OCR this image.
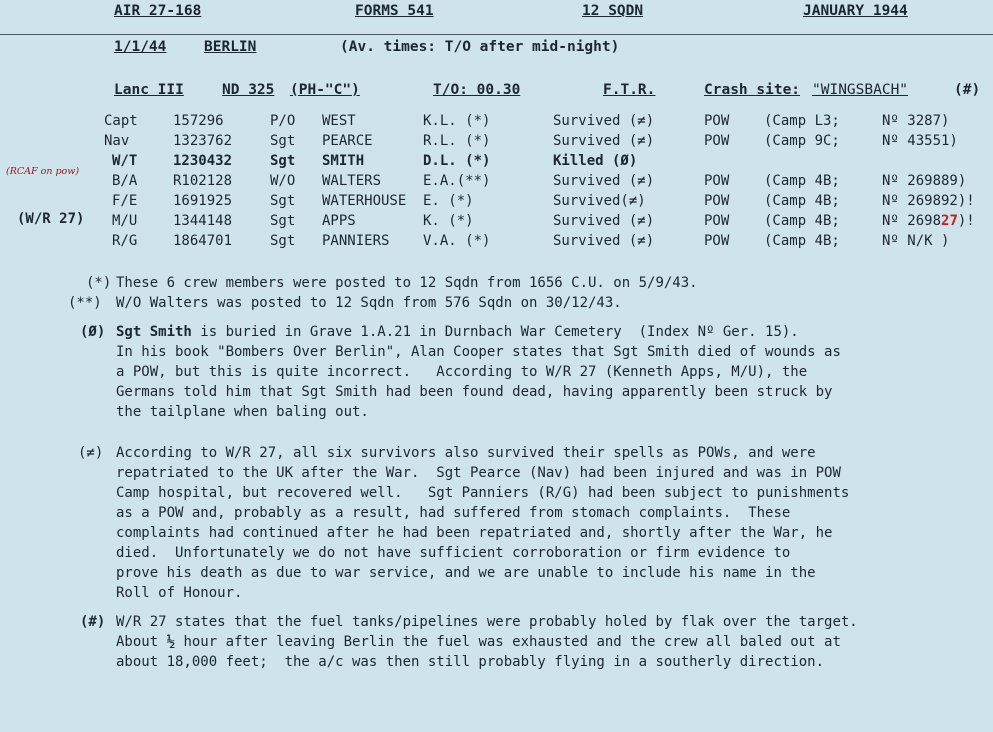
AIR 27-168	FORMS 541	12 SQDN	JANUARY 1944
1/1/44	BERLIN	(Av. times: T/O after mid-night)
Lanc III	ND 325 (PH-"C")	T/O: 00.30	F.T.R.	Crash site: "WINGSBACH"	(#)
(RCAF on pow)
(W/R 27)
Capt	157296	P/O WEST	K.L. (*)	Survived (≠)	POW (Camp L3;	Nº 3287)
Nav	1323762	Sgt PEARCE	R.L. (*)	Survived (≠)	POW (Camp 9C;	Nº 43551)
W/T	1230432	Sgt SMITH	D.L. (*)	Killed (Ø)
B/A	R102128	W/O WALTERS	E.A.(**)	Survived (≠)	POW (Camp 4B;	Nº 269889)
F/E	1691925	Sgt WATERHOUSE E. (*)	Survived(≠)	POW (Camp 4B;	Nº 269892)!
M/U	1344148	Sgt APPS	K. (*)	Survived (≠)	POW (Camp 4B;	Nº 269827)!
R/G	1864701	Sgt PANNIERS V.A. (*)	Survived (≠)	POW (Camp 4B;	Nº N/K )
(*) These 6 crew members were posted to 12 Sqdn from 1656 C.U. on 5/9/43.
(**) W/O Walters was posted to 12 Sqdn from 576 Sqdn on 30/12/43.
(Ø) Sgt Smith is buried in Grave 1.A.21 in Durnbach War Cemetery  (Index Nº Ger. 15).
In his book "Bombers Over Berlin", Alan Cooper states that Sgt Smith died of wounds as
a POW, but this is quite incorrect.   According to W/R 27 (Kenneth Apps, M/U), the
Germans told him that Sgt Smith had been found dead, having apparently been struck by
the tailplane when baling out.
(≠) According to W/R 27, all six survivors also survived their spells as POWs, and were
repatriated to the UK after the War.  Sgt Pearce (Nav) had been injured and was in POW
Camp hospital, but recovered well.   Sgt Panniers (R/G) had been subject to punishments
as a POW and, probably as a result, had suffered from stomach complaints.  These
complaints had continued after he had been repatriated and, shortly after the War, he
died.  Unfortunately we do not have sufficient corroboration or firm evidence to
prove his death as due to war service, and we are unable to include his name in the
Roll of Honour.
(#) W/R 27 states that the fuel tanks/pipelines were probably holed by flak over the target.
About ½ hour after leaving Berlin the fuel was exhausted and the crew all baled out at
about 18,000 feet;  the a/c was then still probably flying in a southerly direction.
